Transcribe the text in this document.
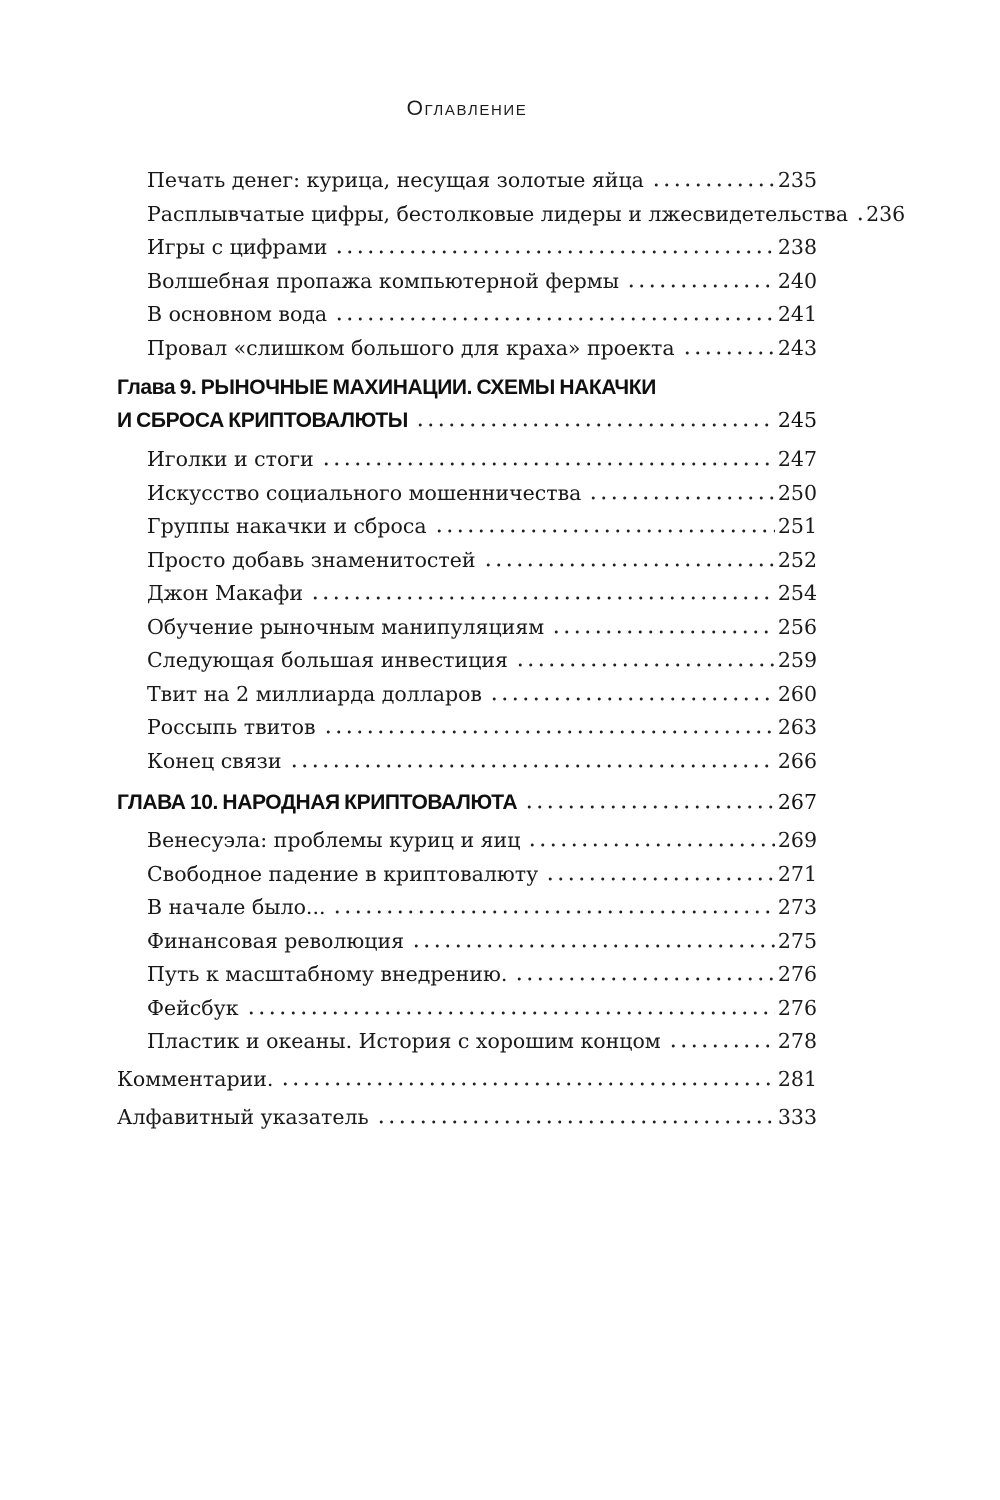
Оглавление
Печать денег: курица, несущая золотые яйца	235
Расплывчатые цифры, бестолковые лидеры и лжесвидетельства 236
Игры с цифрами	238
Волшебная пропажа компьютерной фермы	240
В основном вода	241
Провал «слишком большого для краха» проекта	243
Глава 9. РЫНОЧНЫЕ МАХИНАЦИИ. СХЕМЫ НАКАЧКИ
И СБРОСА КРИПТОВАЛЮТЫ	245
Иголки и стоги	247
Искусство социального мошенничества	250
Группы накачки и сброса	251
Просто добавь знаменитостей	252
Джон Макафи	254
Обучение рыночным манипуляциям	256
Следующая большая инвестиция	259
Твит на 2 миллиарда долларов	260
Россыпь твитов	263
Конец связи	266
ГЛАВА 10. НАРОДНАЯ КРИПТОВАЛЮТА	267
Венесуэла: проблемы куриц и яиц	269
Свободное падение в криптовалюту	271
В начале было...	273
Финансовая революция	275
Путь к масштабному внедрению.	276
Фейсбук	276
Пластик и океаны. История с хорошим концом	278
Комментарии.	281
Алфавитный указатель	333
